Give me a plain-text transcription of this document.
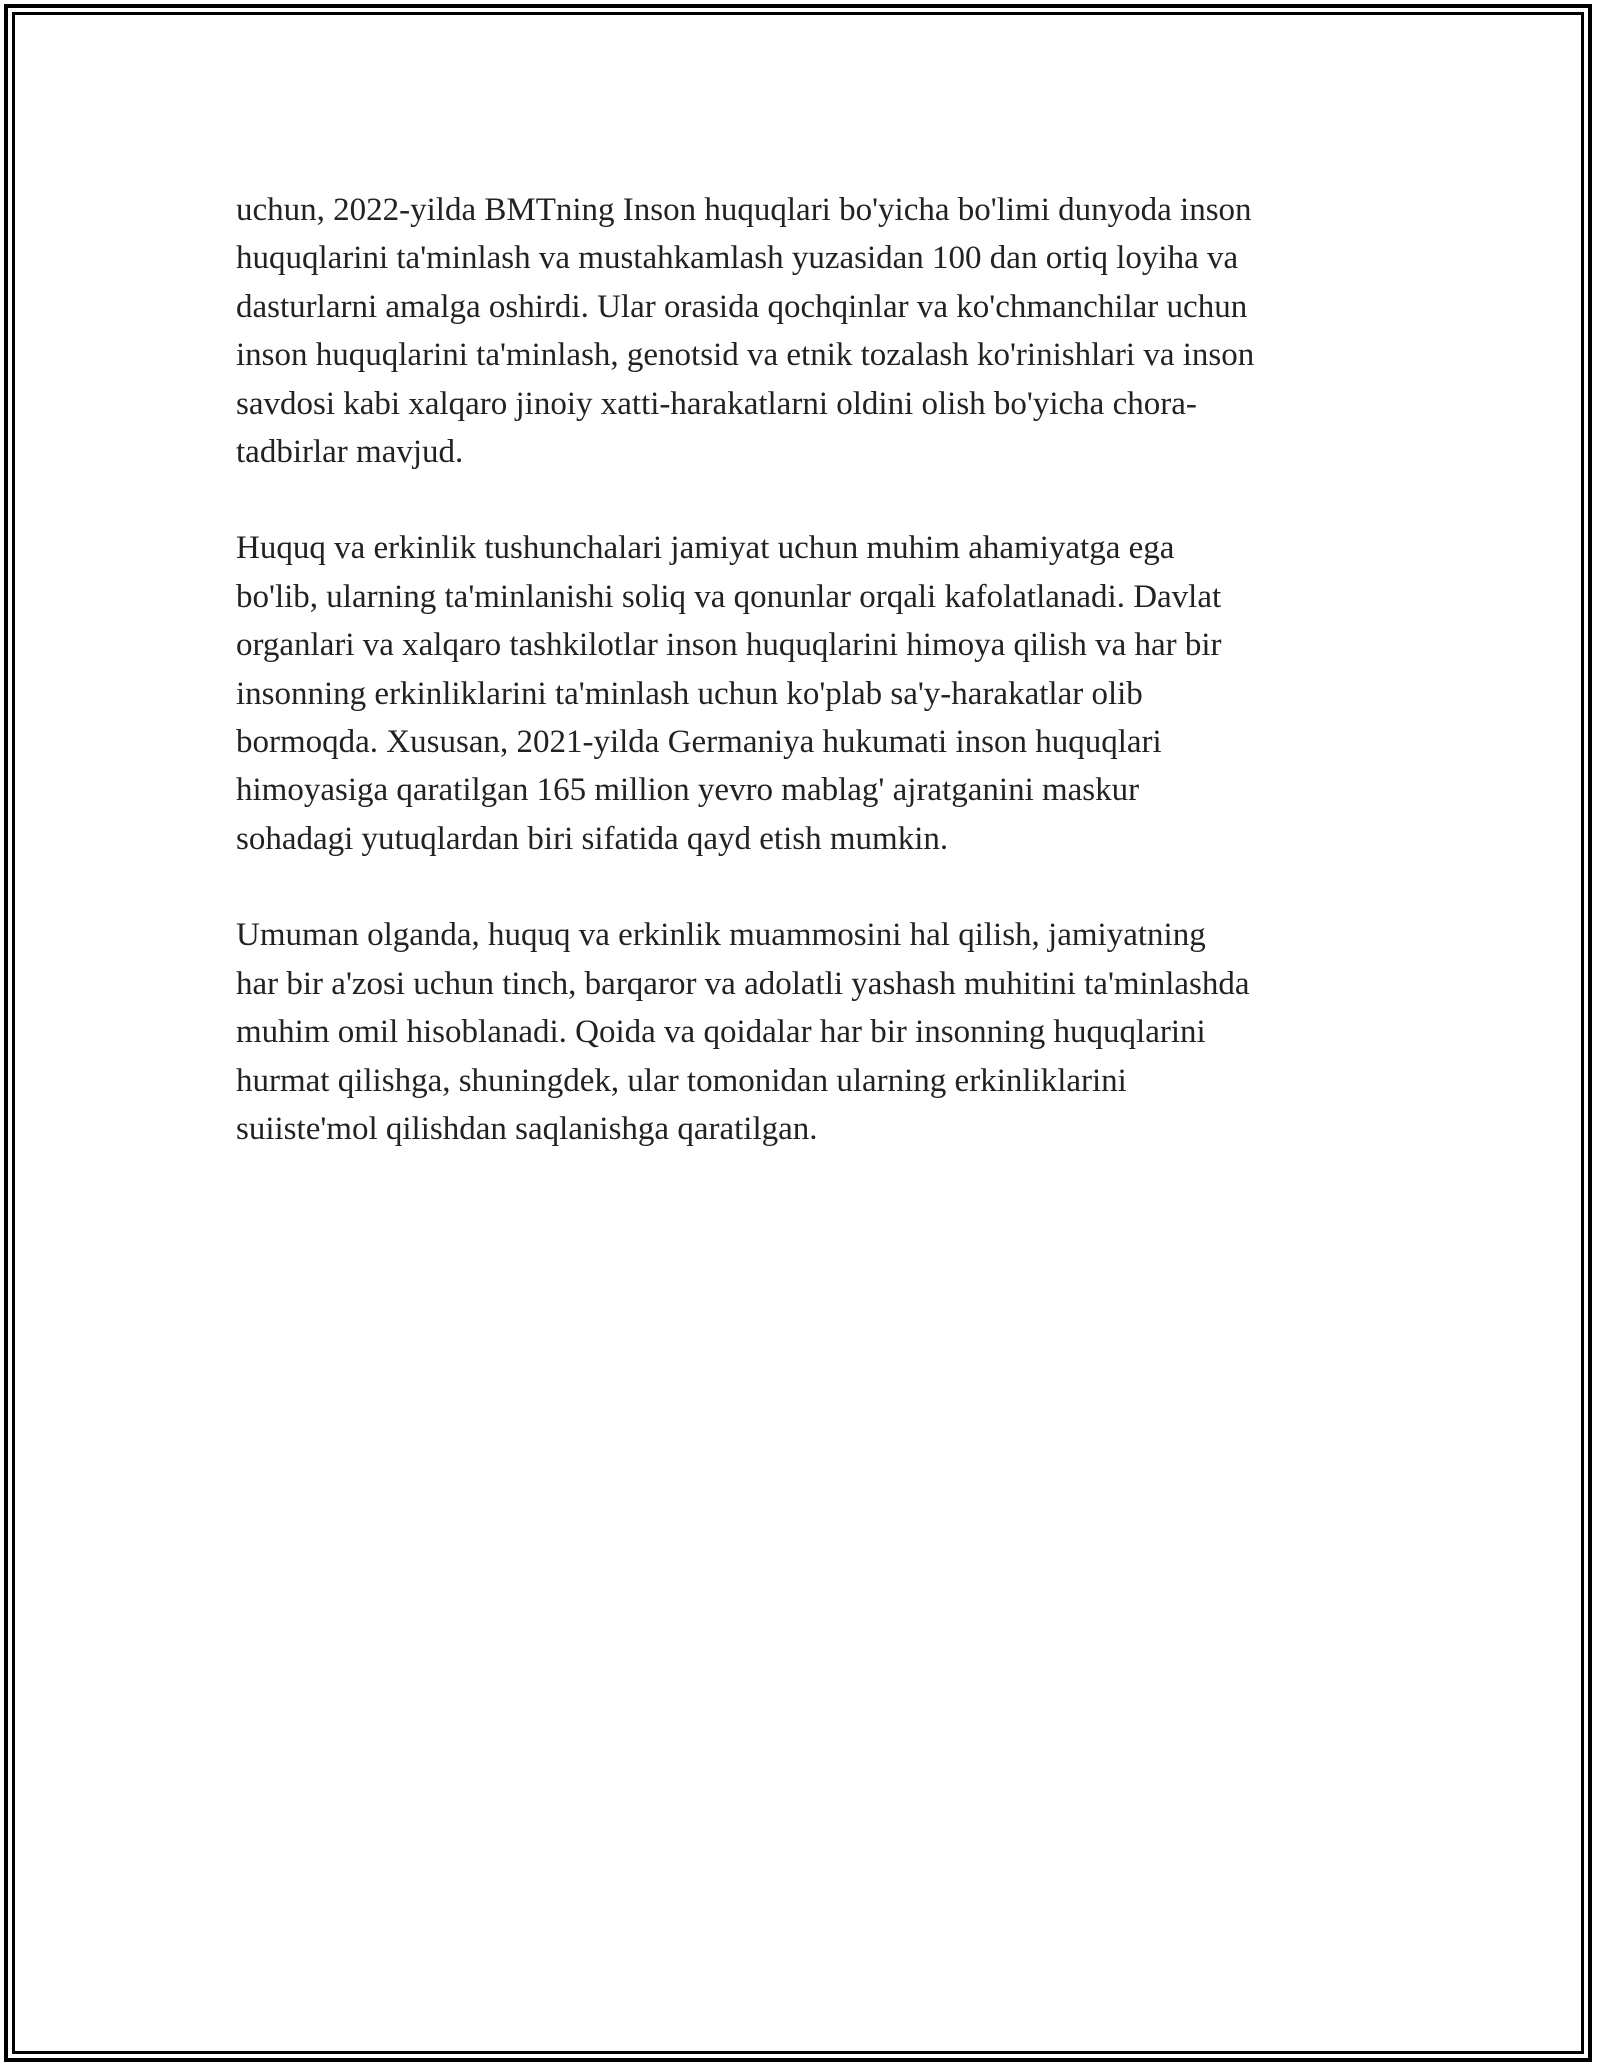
uchun, 2022-yilda BMTning Inson huquqlari bo'yicha bo'limi dunyoda inson
huquqlarini ta'minlash va mustahkamlash yuzasidan 100 dan ortiq loyiha va
dasturlarni amalga oshirdi. Ular orasida qochqinlar va ko'chmanchilar uchun
inson huquqlarini ta'minlash, genotsid va etnik tozalash ko'rinishlari va inson
savdosi kabi xalqaro jinoiy xatti-harakatlarni oldini olish bo'yicha chora-
tadbirlar mavjud.
Huquq va erkinlik tushunchalari jamiyat uchun muhim ahamiyatga ega
bo'lib, ularning ta'minlanishi soliq va qonunlar orqali kafolatlanadi. Davlat
organlari va xalqaro tashkilotlar inson huquqlarini himoya qilish va har bir
insonning erkinliklarini ta'minlash uchun ko'plab sa'y-harakatlar olib
bormoqda. Xususan, 2021-yilda Germaniya hukumati inson huquqlari
himoyasiga qaratilgan 165 million yevro mablag' ajratganini maskur
sohadagi yutuqlardan biri sifatida qayd etish mumkin.
Umuman olganda, huquq va erkinlik muammosini hal qilish, jamiyatning
har bir a'zosi uchun tinch, barqaror va adolatli yashash muhitini ta'minlashda
muhim omil hisoblanadi. Qoida va qoidalar har bir insonning huquqlarini
hurmat qilishga, shuningdek, ular tomonidan ularning erkinliklarini
suiiste'mol qilishdan saqlanishga qaratilgan.
